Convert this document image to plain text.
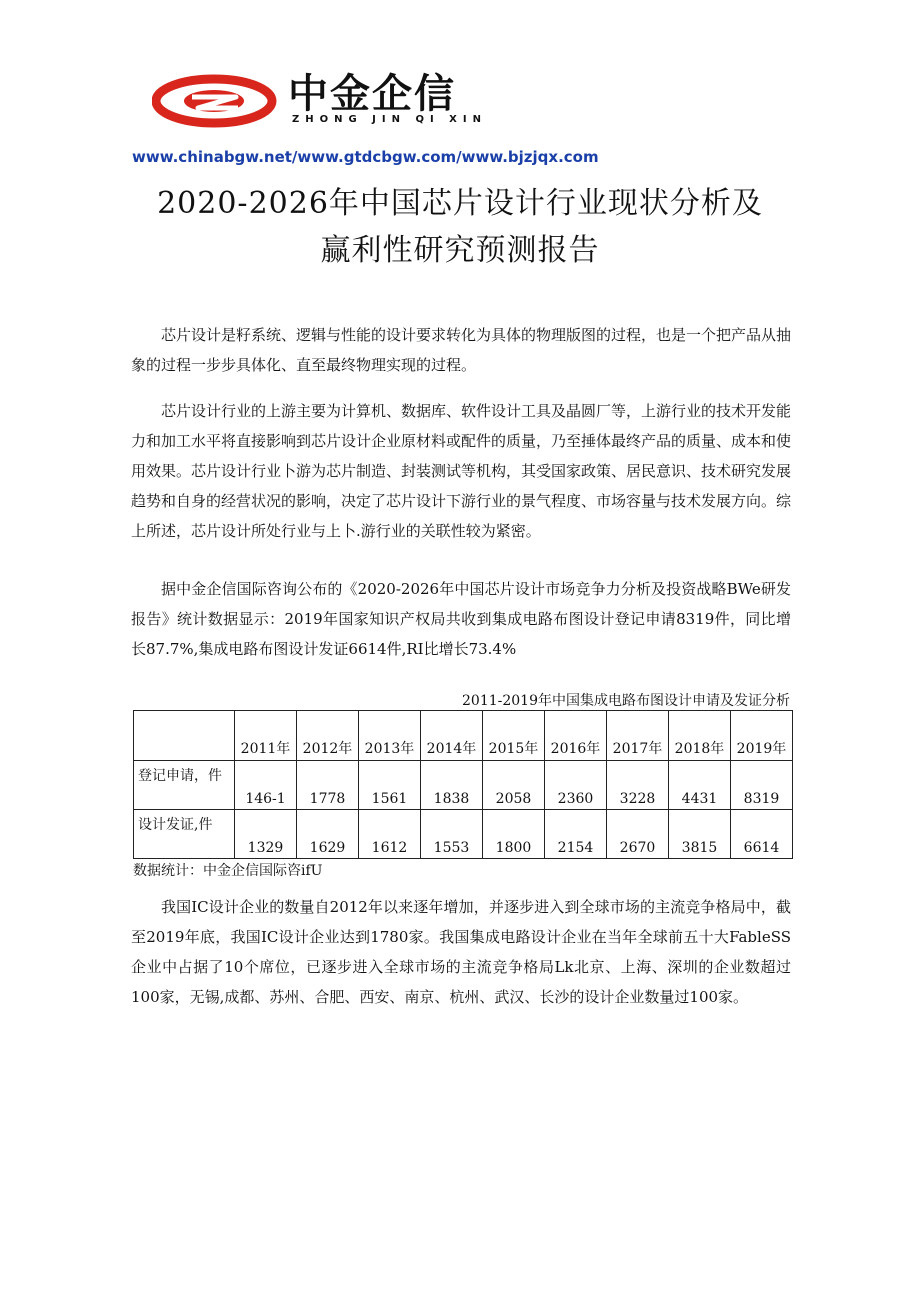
中金企信
ZHONG JIN QI XIN
www.chinabgw.net/www.gtdcbgw.com/www.bjzjqx.com
2020-2026年中国芯片设计行业现状分析及
赢利性研究预测报告

芯片设计是籽系统、逻辑与性能的设计要求转化为具体的物理版图的过程，也是一个把产品从抽象的过程一步步具体化、直至最终物理实现的过程。

芯片设计行业的上游主要为计算机、数据库、软件设计工具及晶圆厂等，上游行业的技术开发能力和加工水平将直接影响到芯片设计企业原材料或配件的质量，乃至捶体最终产品的质量、成本和使用效果。芯片设计行业卜游为芯片制造、封装测试等机构，其受国家政策、居民意识、技术研究发展趋势和自身的经营状况的影响，决定了芯片设计下游行业的景气程度、市场容量与技术发展方向。综上所述，芯片设计所处行业与上卜.游行业的关联性较为紧密。

据中金企信国际咨询公布的《2020-2026年中国芯片设计市场竞争力分析及投资战略BWe研发报告》统计数据显示：2019年国家知识产权局共收到集成电路布图设计登记申请8319件，同比增长87.7%,集成电路布图设计发证6614件,RI比增长73.4%

2011-2019年中国集成电路布图设计申请及发证分析

	2011年	2012年	2013年	2014年	2015年	2016年	2017年	2018年	2019年

登记申请，件	146-1	1778	1561	1838	2058	2360	3228	4431	8319

设计发证,件	1329	1629	1612	1553	1800	2154	2670	3815	6614
数据统计：中金企信国际咨ifU

我国IC设计企业的数量自2012年以来逐年增加，并逐步进入到全球市场的主流竞争格局中，截至2019年底，我国IC设计企业达到1780家。我国集成电路设计企业在当年全球前五十大FableSS企业中占据了10个席位，已逐步进入全球市场的主流竞争格局Lk北京、上海、深圳的企业数超过100家，无锡,成都、苏州、合肥、西安、南京、杭州、武汉、长沙的设计企业数量过100家。
